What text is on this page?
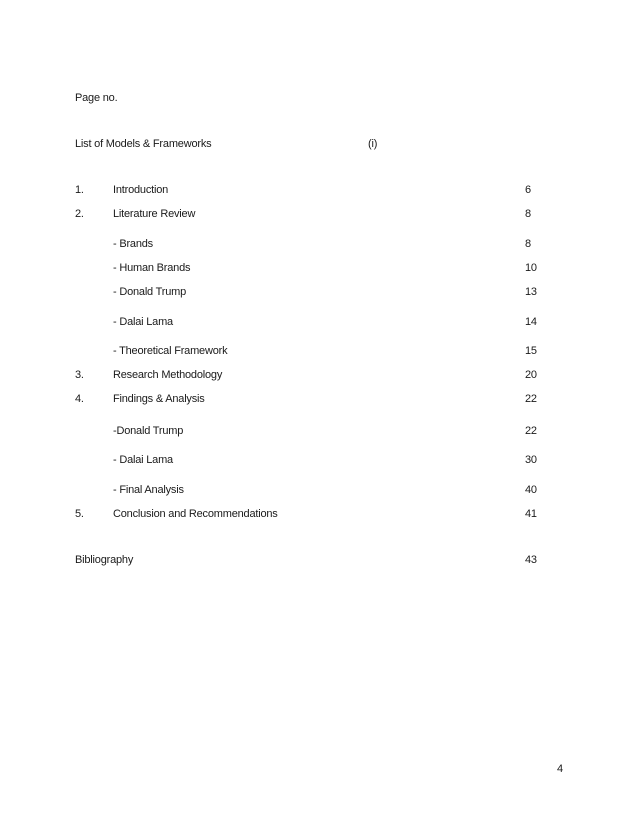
Page no.
List of Models & Frameworks	(i)
1.	Introduction	6
2.	Literature Review	8
- Brands	8
- Human Brands	10
- Donald Trump	13
- Dalai Lama	14
- Theoretical Framework	15
3.	Research Methodology	20
4.	Findings & Analysis	22
-Donald Trump	22
- Dalai Lama	30
- Final Analysis	40
5.	Conclusion and Recommendations	41
Bibliography	43
4
